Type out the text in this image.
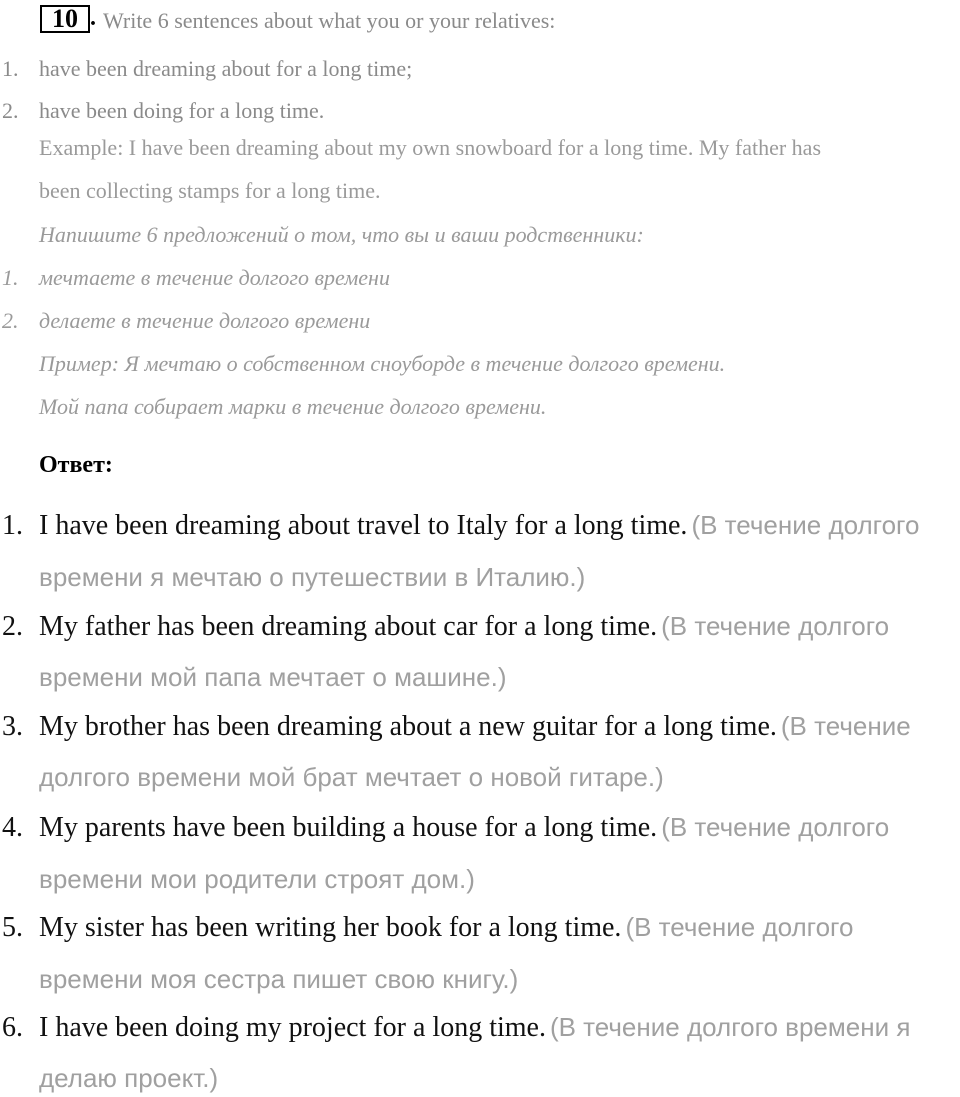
10 . Write 6 sentences about what you or your relatives:
1. have been dreaming about for a long time;
2. have been doing for a long time.
Example: I have been dreaming about my own snowboard for a long time. My father has
been collecting stamps for a long time.
Напишите 6 предложений о том, что вы и ваши родственники:
1. мечтаете в течение долгого времени
2. делаете в течение долгого времени
Пример: Я мечтаю о собственном сноуборде в течение долгого времени.
Мой папа собирает марки в течение долгого времени.
Ответ:
1. I have been dreaming about travel to Italy for a long time. (В течение долгого
времени я мечтаю о путешествии в Италию.)
2. My father has been dreaming about car for a long time. (В течение долгого
времени мой папа мечтает о машине.)
3. My brother has been dreaming about a new guitar for a long time. (В течение
долгого времени мой брат мечтает о новой гитаре.)
4. My parents have been building a house for a long time. (В течение долгого
времени мои родители строят дом.)
5. My sister has been writing her book for a long time. (В течение долгого
времени моя сестра пишет свою книгу.)
6. I have been doing my project for a long time. (В течение долгого времени я
делаю проект.)
